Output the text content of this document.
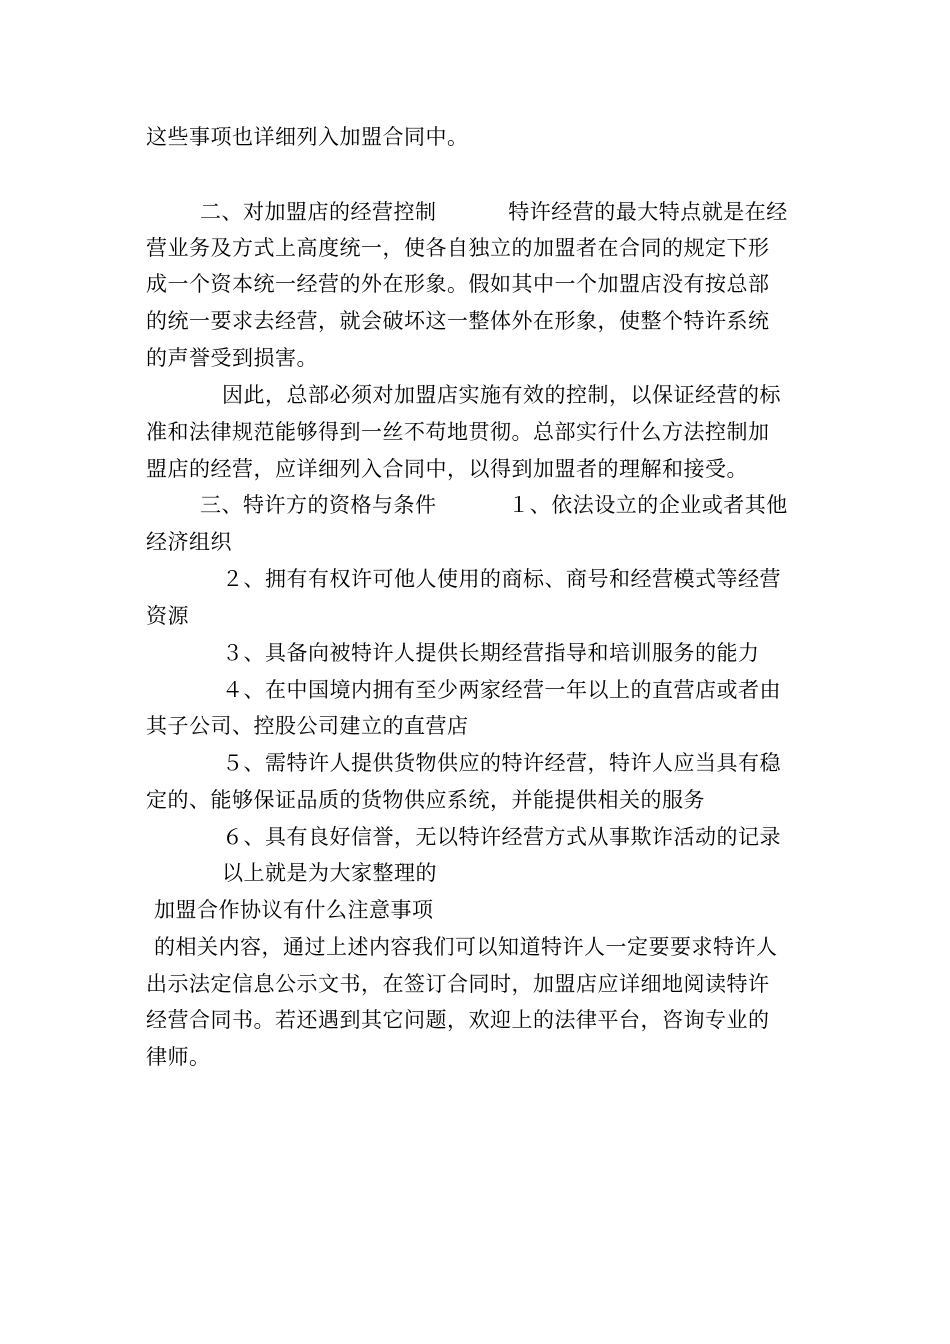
这些事项也详细列入加盟合同中。
二、对加盟店的经营控制          特许经营的最大特点就是在经
营业务及方式上高度统一，使各自独立的加盟者在合同的规定下形
成一个资本统一经营的外在形象。假如其中一个加盟店没有按总部
的统一要求去经营，就会破坏这一整体外在形象，使整个特许系统
的声誉受到损害。
因此，总部必须对加盟店实施有效的控制，以保证经营的标
准和法律规范能够得到一丝不苟地贯彻。总部实行什么方法控制加
盟店的经营，应详细列入合同中，以得到加盟者的理解和接受。
三、特许方的资格与条件          １、依法设立的企业或者其他
经济组织
２、拥有有权许可他人使用的商标、商号和经营模式等经营
资源
３、具备向被特许人提供长期经营指导和培训服务的能力
４、在中国境内拥有至少两家经营一年以上的直营店或者由
其子公司、控股公司建立的直营店
５、需特许人提供货物供应的特许经营，特许人应当具有稳
定的、能够保证品质的货物供应系统，并能提供相关的服务
６、具有良好信誉，无以特许经营方式从事欺诈活动的记录
以上就是为大家整理的
加盟合作协议有什么注意事项
的相关内容，通过上述内容我们可以知道特许人一定要要求特许人
出示法定信息公示文书，在签订合同时，加盟店应详细地阅读特许
经营合同书。若还遇到其它问题，欢迎上的法律平台，咨询专业的
律师。
